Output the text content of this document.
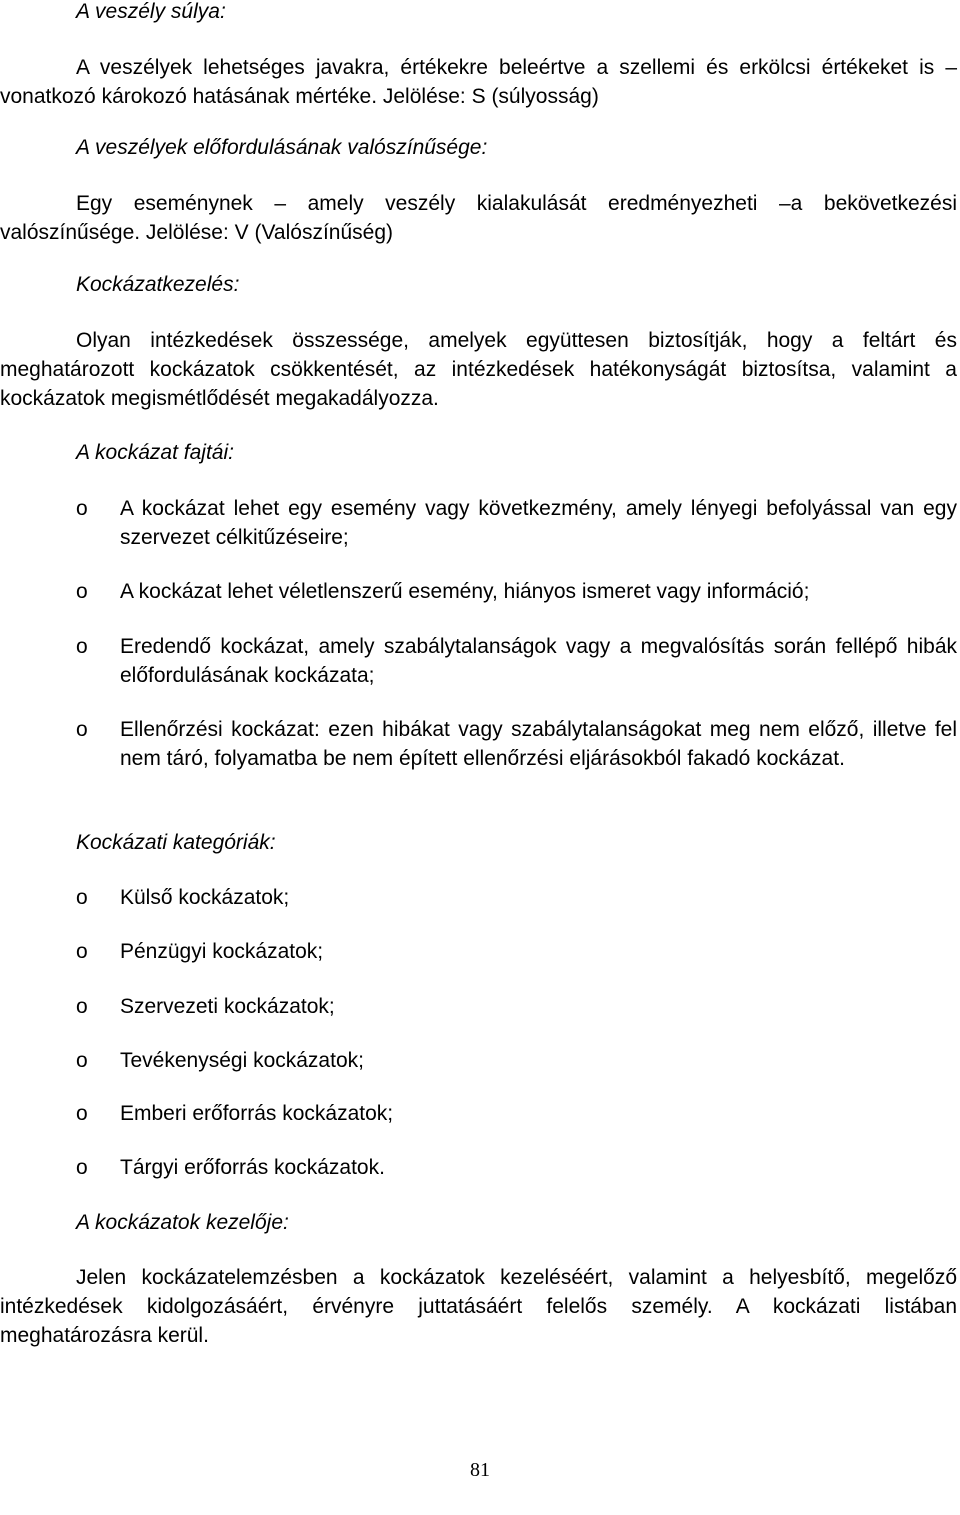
A veszély súlya:

A veszélyek lehetséges javakra, értékekre beleértve a szellemi és erkölcsi értékeket is – vonatkozó károkozó hatásának mértéke. Jelölése: S (súlyosság)

A veszélyek előfordulásának valószínűsége:

Egy eseménynek – amely veszély kialakulását eredményezheti –a bekövetkezési valószínűsége. Jelölése: V (Valószínűség)

Kockázatkezelés:

Olyan intézkedések összessége, amelyek együttesen biztosítják, hogy a feltárt és meghatározott kockázatok csökkentését, az intézkedések hatékonyságát biztosítsa, valamint a kockázatok megismétlődését megakadályozza.

A kockázat fajtái:
o A kockázat lehet egy esemény vagy következmény, amely lényegi befolyással van egy szervezet célkitűzéseire;
o A kockázat lehet véletlenszerű esemény, hiányos ismeret vagy információ;
o Eredendő kockázat, amely szabálytalanságok vagy a megvalósítás során fellépő hibák előfordulásának kockázata;
o Ellenőrzési kockázat: ezen hibákat vagy szabálytalanságokat meg nem előző, illetve fel nem táró, folyamatba be nem épített ellenőrzési eljárásokból fakadó kockázat.
Kockázati kategóriák:
o Külső kockázatok;
o Pénzügyi kockázatok;
o Szervezeti kockázatok;
o Tevékenységi kockázatok;
o Emberi erőforrás kockázatok;
o Tárgyi erőforrás kockázatok.
A kockázatok kezelője:

Jelen kockázatelemzésben a kockázatok kezeléséért, valamint a helyesbítő, megelőző intézkedések kidolgozásáért, érvényre juttatásáért felelős személy. A kockázati listában meghatározásra kerül.

81
